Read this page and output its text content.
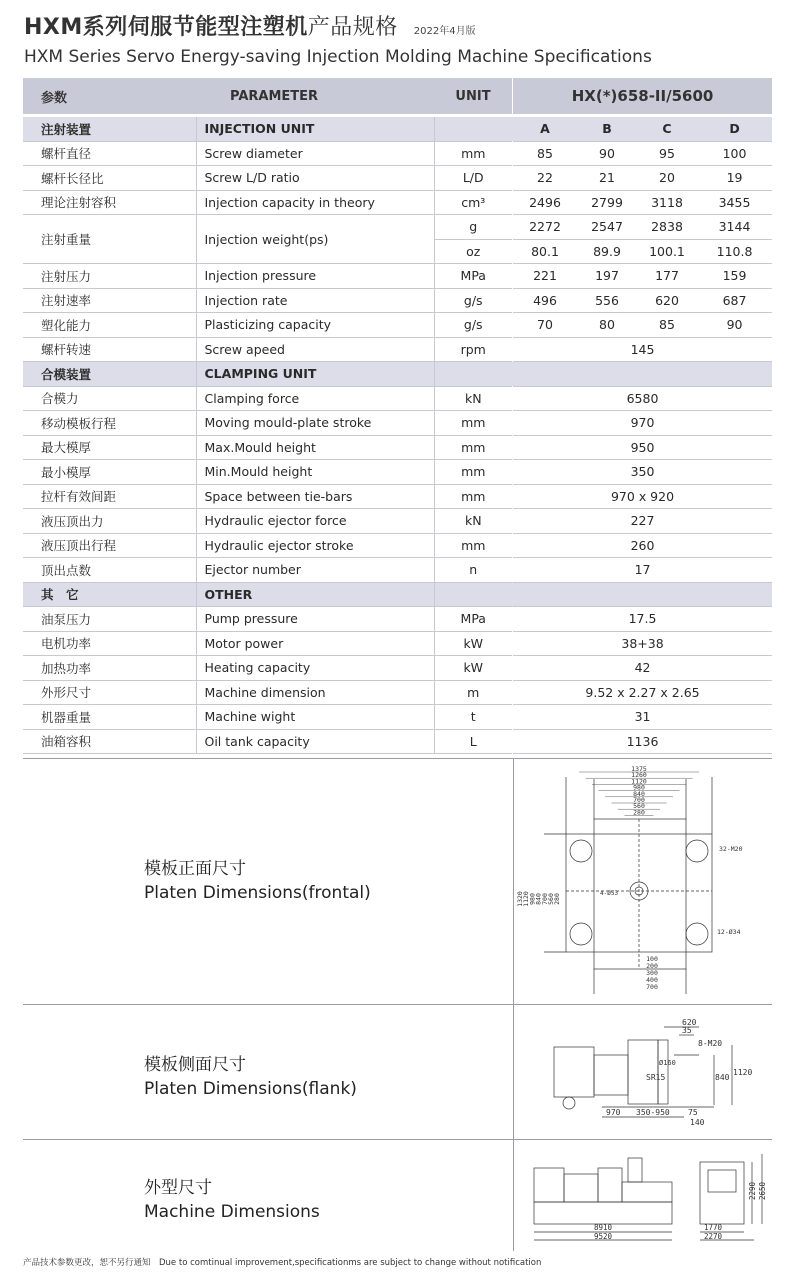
HXM系列伺服节能型注塑机产品规格 2022年4月版
HXM Series Servo Energy-saving Injection Molding Machine Specifications
参数	PARAMETER	UNIT		HX(*)658-II/5600			
注射装置	INJECTION UNIT			A	B	C	D
螺杆直径	Screw diameter	mm		85	90	95	100
螺杆长径比	Screw L/D ratio	L/D		22	21	20	19
理论注射容积	Injection capacity in theory	cm³		2496	2799	3118	3455
注射重量	Injection weight(ps)	g		2272	2547	2838	3144
		oz		80.1	89.9	100.1	110.8
注射压力	Injection pressure	MPa		221	197	177	159
注射速率	Injection rate	g/s		496	556	620	687
塑化能力	Plasticizing capacity	g/s		70	80	85	90
螺杆转速	Screw apeed	rpm		145			
合模装置	CLAMPING UNIT					
合模力	Clamping force	kN		6580			
移动模板行程	Moving mould-plate stroke	mm		970			
最大模厚	Max.Mould height	mm		950			
最小模厚	Min.Mould height	mm		350			
拉杆有效间距	Space between tie-bars	mm		970 x 920			
液压顶出力	Hydraulic ejector force	kN		227			
液压顶出行程	Hydraulic ejector stroke	mm		260			
顶出点数	Ejector number	n		17			
其　它	OTHER					
油泵压力	Pump pressure	MPa		17.5			
电机功率	Motor power	kW		38+38			
加热功率	Heating capacity	kW		42			
外形尺寸	Machine dimension	m		9.52 x 2.27 x 2.65			
机器重量	Machine wight	t		31			
油箱容积	Oil tank capacity	L		1136			
模板正面尺寸
Platen Dimensions(frontal)
1375
1260
1120
980
840
700
560
280
100
200
300
400
700
1320
1120
980
840
700
560
280
32-M20
4-Ø53
12-Ø34
模板侧面尺寸
Platen Dimensions(flank)
620
35
8-M20
SR15
Ø160
840
1120
970 350-950 75
140
外型尺寸
Machine Dimensions
8910
9520
1770
2270
2290 2650
产品技术参数更改，恕不另行通知　Due to comtinual improvement,specificationms are subject to change without notification
